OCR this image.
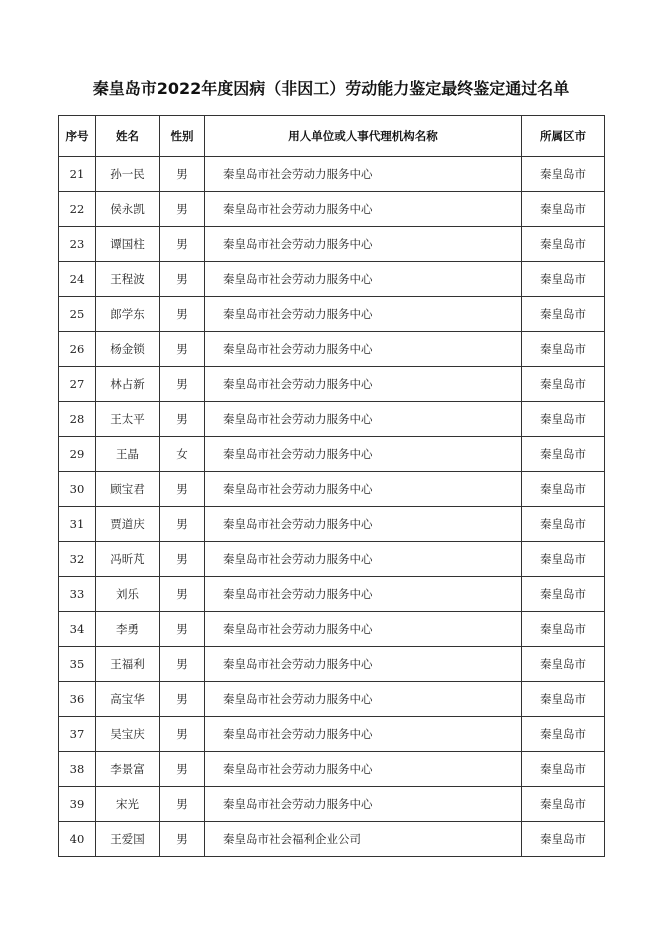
秦皇岛市2022年度因病（非因工）劳动能力鉴定最终鉴定通过名单
序号	姓名	性别	用人单位或人事代理机构名称	所属区市
21	孙一民	男	秦皇岛市社会劳动力服务中心	秦皇岛市
22	侯永凯	男	秦皇岛市社会劳动力服务中心	秦皇岛市
23	谭国柱	男	秦皇岛市社会劳动力服务中心	秦皇岛市
24	王程波	男	秦皇岛市社会劳动力服务中心	秦皇岛市
25	郎学东	男	秦皇岛市社会劳动力服务中心	秦皇岛市
26	杨金锁	男	秦皇岛市社会劳动力服务中心	秦皇岛市
27	林占新	男	秦皇岛市社会劳动力服务中心	秦皇岛市
28	王太平	男	秦皇岛市社会劳动力服务中心	秦皇岛市
29	王晶	女	秦皇岛市社会劳动力服务中心	秦皇岛市
30	顾宝君	男	秦皇岛市社会劳动力服务中心	秦皇岛市
31	贾道庆	男	秦皇岛市社会劳动力服务中心	秦皇岛市
32	冯昕芃	男	秦皇岛市社会劳动力服务中心	秦皇岛市
33	刘乐	男	秦皇岛市社会劳动力服务中心	秦皇岛市
34	李勇	男	秦皇岛市社会劳动力服务中心	秦皇岛市
35	王福利	男	秦皇岛市社会劳动力服务中心	秦皇岛市
36	高宝华	男	秦皇岛市社会劳动力服务中心	秦皇岛市
37	吴宝庆	男	秦皇岛市社会劳动力服务中心	秦皇岛市
38	李景富	男	秦皇岛市社会劳动力服务中心	秦皇岛市
39	宋光	男	秦皇岛市社会劳动力服务中心	秦皇岛市
40	王爱国	男	秦皇岛市社会福利企业公司	秦皇岛市
